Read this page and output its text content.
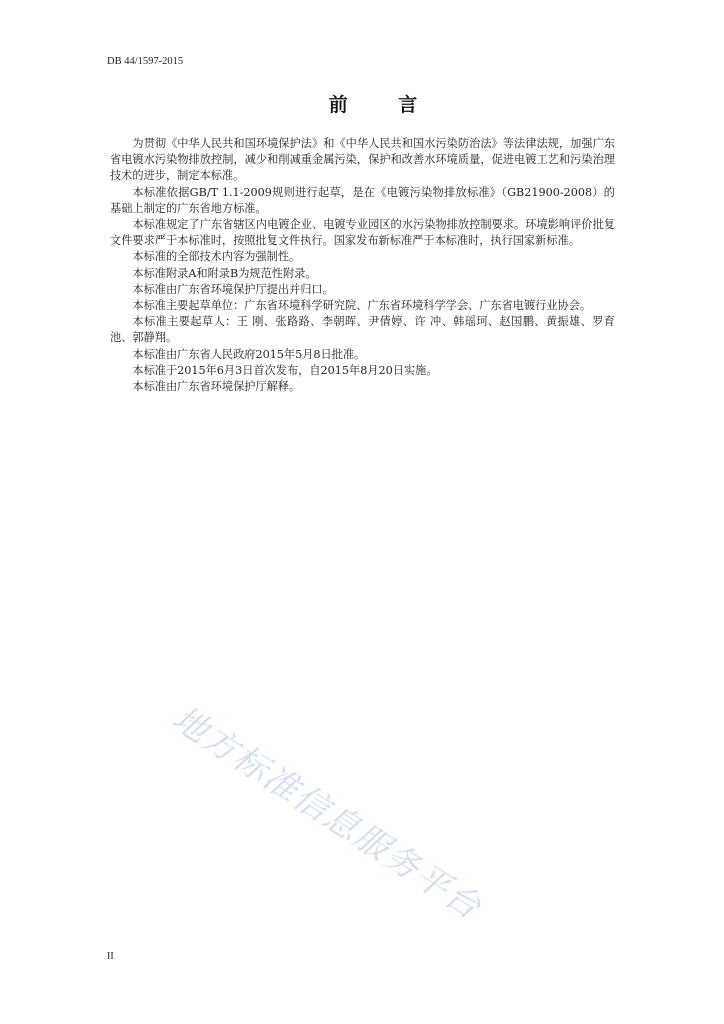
DB 44/1597-2015
前 言

为贯彻《中华人民共和国环境保护法》和《中华人民共和国水污染防治法》等法律法规，加强广东省电镀水污染物排放控制，减少和削减重金属污染，保护和改善水环境质量，促进电镀工艺和污染治理技术的进步，制定本标准。

本标准依据GB/T 1.1-2009规则进行起草，是在《电镀污染物排放标准》（GB21900-2008）的基础上制定的广东省地方标准。

本标准规定了广东省辖区内电镀企业、电镀专业园区的水污染物排放控制要求。环境影响评价批复文件要求严于本标准时，按照批复文件执行。国家发布新标准严于本标准时，执行国家新标准。

本标准的全部技术内容为强制性。

本标准附录A和附录B为规范性附录。

本标准由广东省环境保护厅提出并归口。

本标准主要起草单位：广东省环境科学研究院、广东省环境科学学会、广东省电镀行业协会。

本标准主要起草人：王 刚、张路路、李朝晖、尹倩婷、许 冲、韩瑶珂、赵国鹏、黄振雄、罗育池、郭静翔。

本标准由广东省人民政府2015年5月8日批准。

本标准于2015年6月3日首次发布，自2015年8月20日实施。

本标准由广东省环境保护厅解释。

地方标准信息服务平台
II
